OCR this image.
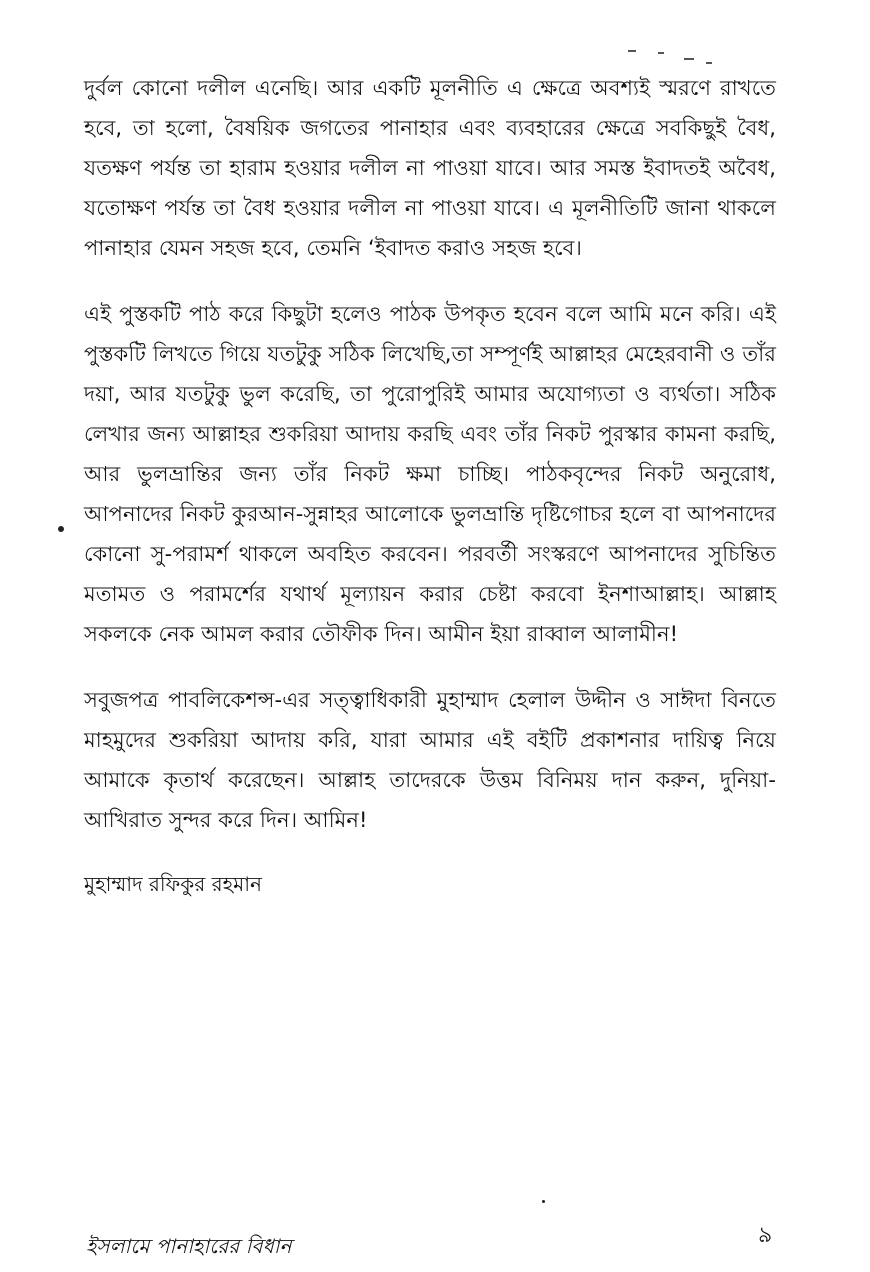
দুর্বল কোনো দলীল এনেছি। আর একটি মূলনীতি এ ক্ষেত্রে অবশ্যই স্মরণে রাখতে হবে, তা হলো, বৈষয়িক জগতের পানাহার এবং ব্যবহারের ক্ষেত্রে সবকিছুই বৈধ, যতক্ষণ পর্যন্ত তা হারাম হওয়ার দলীল না পাওয়া যাবে। আর সমস্ত ইবাদতই অবৈধ, যতোক্ষণ পর্যন্ত তা বৈধ হওয়ার দলীল না পাওয়া যাবে। এ মূলনীতিটি জানা থাকলে পানাহার যেমন সহজ হবে, তেমনি ‘ইবাদত করাও সহজ হবে।

এই পুস্তকটি পাঠ করে কিছুটা হলেও পাঠক উপকৃত হবেন বলে আমি মনে করি। এই পুস্তকটি লিখতে গিয়ে যতটুকু সঠিক লিখেছি,তা সম্পূর্ণই আল্লাহর মেহেরবানী ও তাঁর দয়া, আর যতটুকু ভুল করেছি, তা পুরোপুরিই আমার অযোগ্যতা ও ব্যর্থতা। সঠিক লেখার জন্য আল্লাহর শুকরিয়া আদায় করছি এবং তাঁর নিকট পুরস্কার কামনা করছি, আর ভুলভ্রান্তির জন্য তাঁর নিকট ক্ষমা চাচ্ছি। পাঠকবৃন্দের নিকট অনুরোধ, আপনাদের নিকট কুরআন-সুন্নাহর আলোকে ভুলভ্রান্তি দৃষ্টিগোচর হলে বা আপনাদের কোনো সু-পরামর্শ থাকলে অবহিত করবেন। পরবর্তী সংস্করণে আপনাদের সুচিন্তিত মতামত ও পরামর্শের যথার্থ মূল্যায়ন করার চেষ্টা করবো ইনশাআল্লাহ। আল্লাহ সকলকে নেক আমল করার তৌফীক দিন। আমীন ইয়া রাব্বাল আলামীন!

সবুজপত্র পাবলিকেশন্স-এর সত্ত্বাধিকারী মুহাম্মাদ হেলাল উদ্দীন ও সাঈদা বিনতে মাহমুদের শুকরিয়া আদায় করি, যারা আমার এই বইটি প্রকাশনার দায়িত্ব নিয়ে আমাকে কৃতার্থ করেছেন। আল্লাহ তাদেরকে উত্তম বিনিময় দান করুন, দুনিয়া-আখিরাত সুন্দর করে দিন। আমিন!

মুহাম্মাদ রফিকুর রহমান

ইসলামে পানাহারের বিধান	৯
